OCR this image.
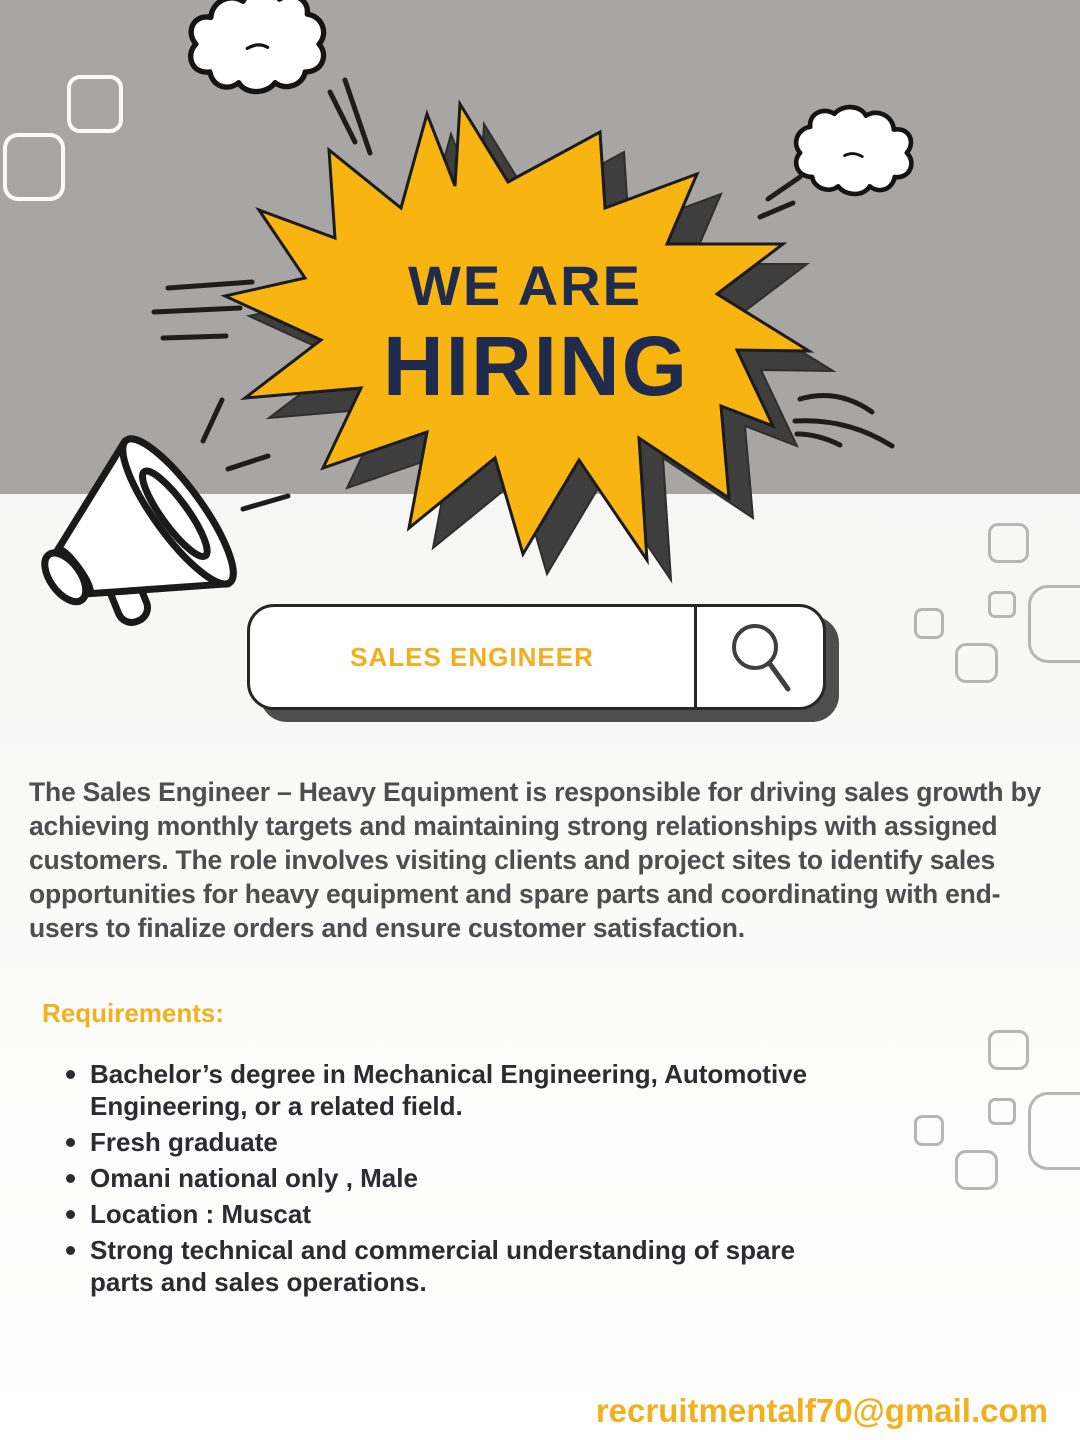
WE ARE
HIRING
SALES ENGINEER

The Sales Engineer – Heavy Equipment is responsible for driving sales growth by achieving monthly targets and maintaining strong relationships with assigned customers. The role involves visiting clients and project sites to identify sales opportunities for heavy equipment and spare parts and coordinating with end-users to finalize orders and ensure customer satisfaction.

Requirements:
Bachelor’s degree in Mechanical Engineering, Automotive Engineering, or a related field.
Fresh graduate
Omani national only , Male
Location : Muscat
Strong technical and commercial understanding of spare parts and sales operations.
recruitmentalf70@gmail.com
